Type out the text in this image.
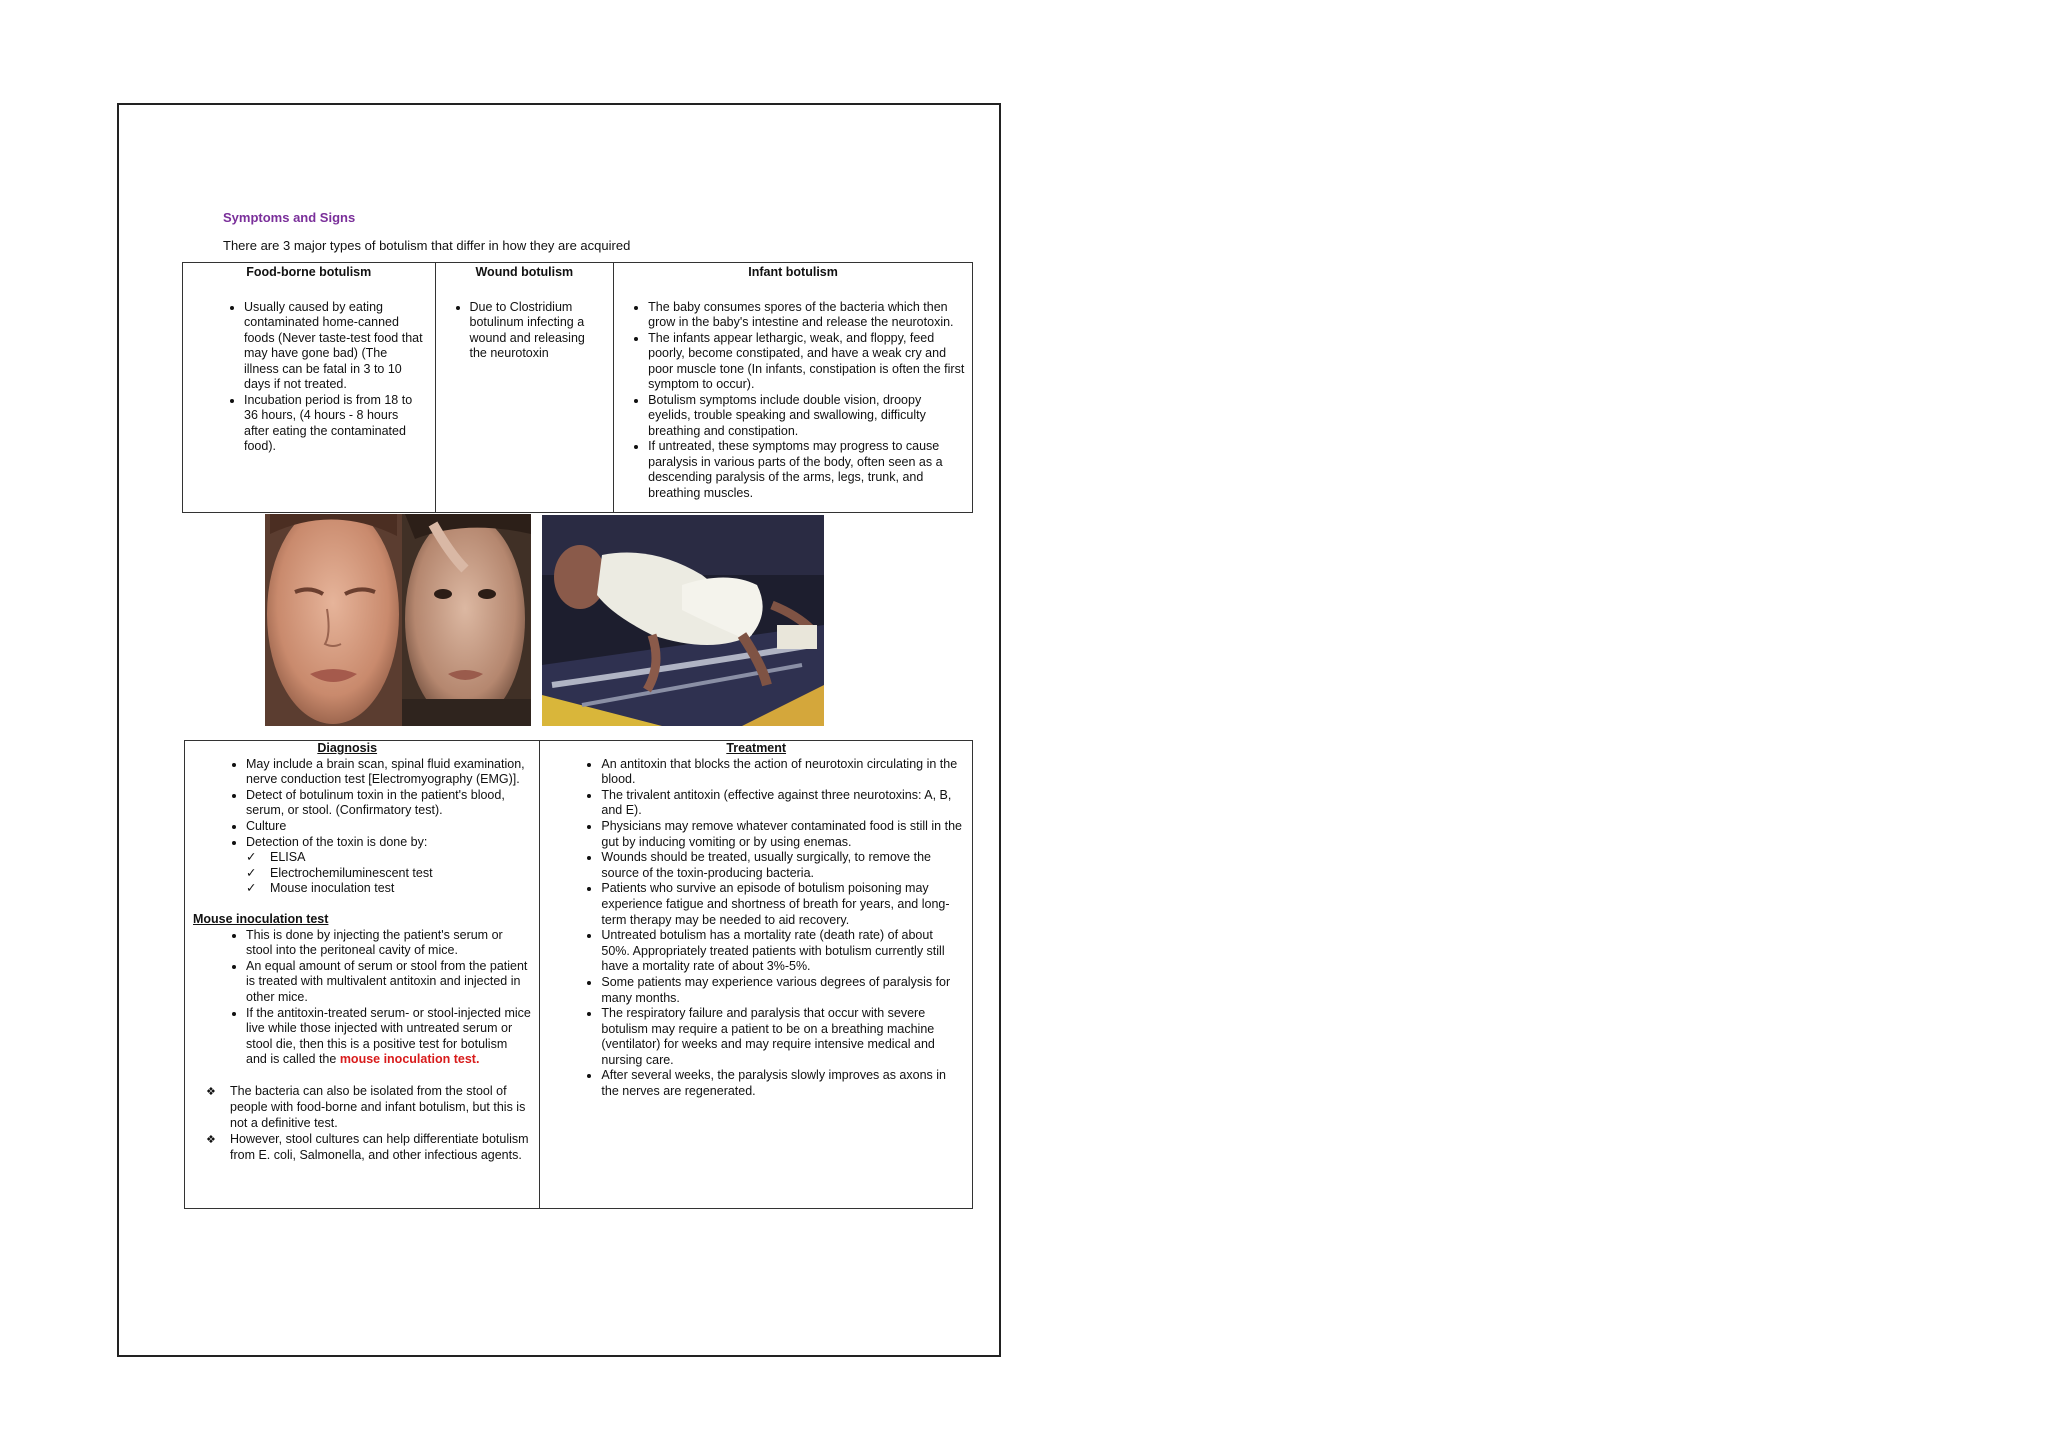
Symptoms and Signs
There are 3 major types of botulism that differ in how they are acquired
Food-borne botulism
• Usually caused by eating contaminated home-canned foods (Never taste-test food that may have gone bad) (The illness can be fatal in 3 to 10 days if not treated.
• Incubation period is from 18 to 36 hours, (4 hours - 8 hours after eating the contaminated food).

Wound botulism
• Due to Clostridium botulinum infecting a wound and releasing the neurotoxin

Infant botulism
• The baby consumes spores of the bacteria which then grow in the baby's intestine and release the neurotoxin.
• The infants appear lethargic, weak, and floppy, feed poorly, become constipated, and have a weak cry and poor muscle tone (In infants, constipation is often the first symptom to occur).
• Botulism symptoms include double vision, droopy eyelids, trouble speaking and swallowing, difficulty breathing and constipation.
• If untreated, these symptoms may progress to cause paralysis in various parts of the body, often seen as a descending paralysis of the arms, legs, trunk, and breathing muscles.
Diagnosis
• May include a brain scan, spinal fluid examination, nerve conduction test [Electromyography (EMG)].
• Detect of botulinum toxin in the patient's blood, serum, or stool. (Confirmatory test).
• Culture
• Detection of the toxin is done by:
✓ ELISA
✓ Electrochemiluminescent test
✓ Mouse inoculation test
Mouse inoculation test
• This is done by injecting the patient's serum or stool into the peritoneal cavity of mice.
• An equal amount of serum or stool from the patient is treated with multivalent antitoxin and injected in other mice.
• If the antitoxin-treated serum- or stool-injected mice live while those injected with untreated serum or stool die, then this is a positive test for botulism and is called the mouse inoculation test.
❖ The bacteria can also be isolated from the stool of people with food-borne and infant botulism, but this is not a definitive test.
❖ However, stool cultures can help differentiate botulism from E. coli, Salmonella, and other infectious agents.

Treatment
• An antitoxin that blocks the action of neurotoxin circulating in the blood.
• The trivalent antitoxin (effective against three neurotoxins: A, B, and E).
• Physicians may remove whatever contaminated food is still in the gut by inducing vomiting or by using enemas.
• Wounds should be treated, usually surgically, to remove the source of the toxin-producing bacteria.
• Patients who survive an episode of botulism poisoning may experience fatigue and shortness of breath for years, and long-term therapy may be needed to aid recovery.
• Untreated botulism has a mortality rate (death rate) of about 50%. Appropriately treated patients with botulism currently still have a mortality rate of about 3%-5%.
• Some patients may experience various degrees of paralysis for many months.
• The respiratory failure and paralysis that occur with severe botulism may require a patient to be on a breathing machine (ventilator) for weeks and may require intensive medical and nursing care.
• After several weeks, the paralysis slowly improves as axons in the nerves are regenerated.
